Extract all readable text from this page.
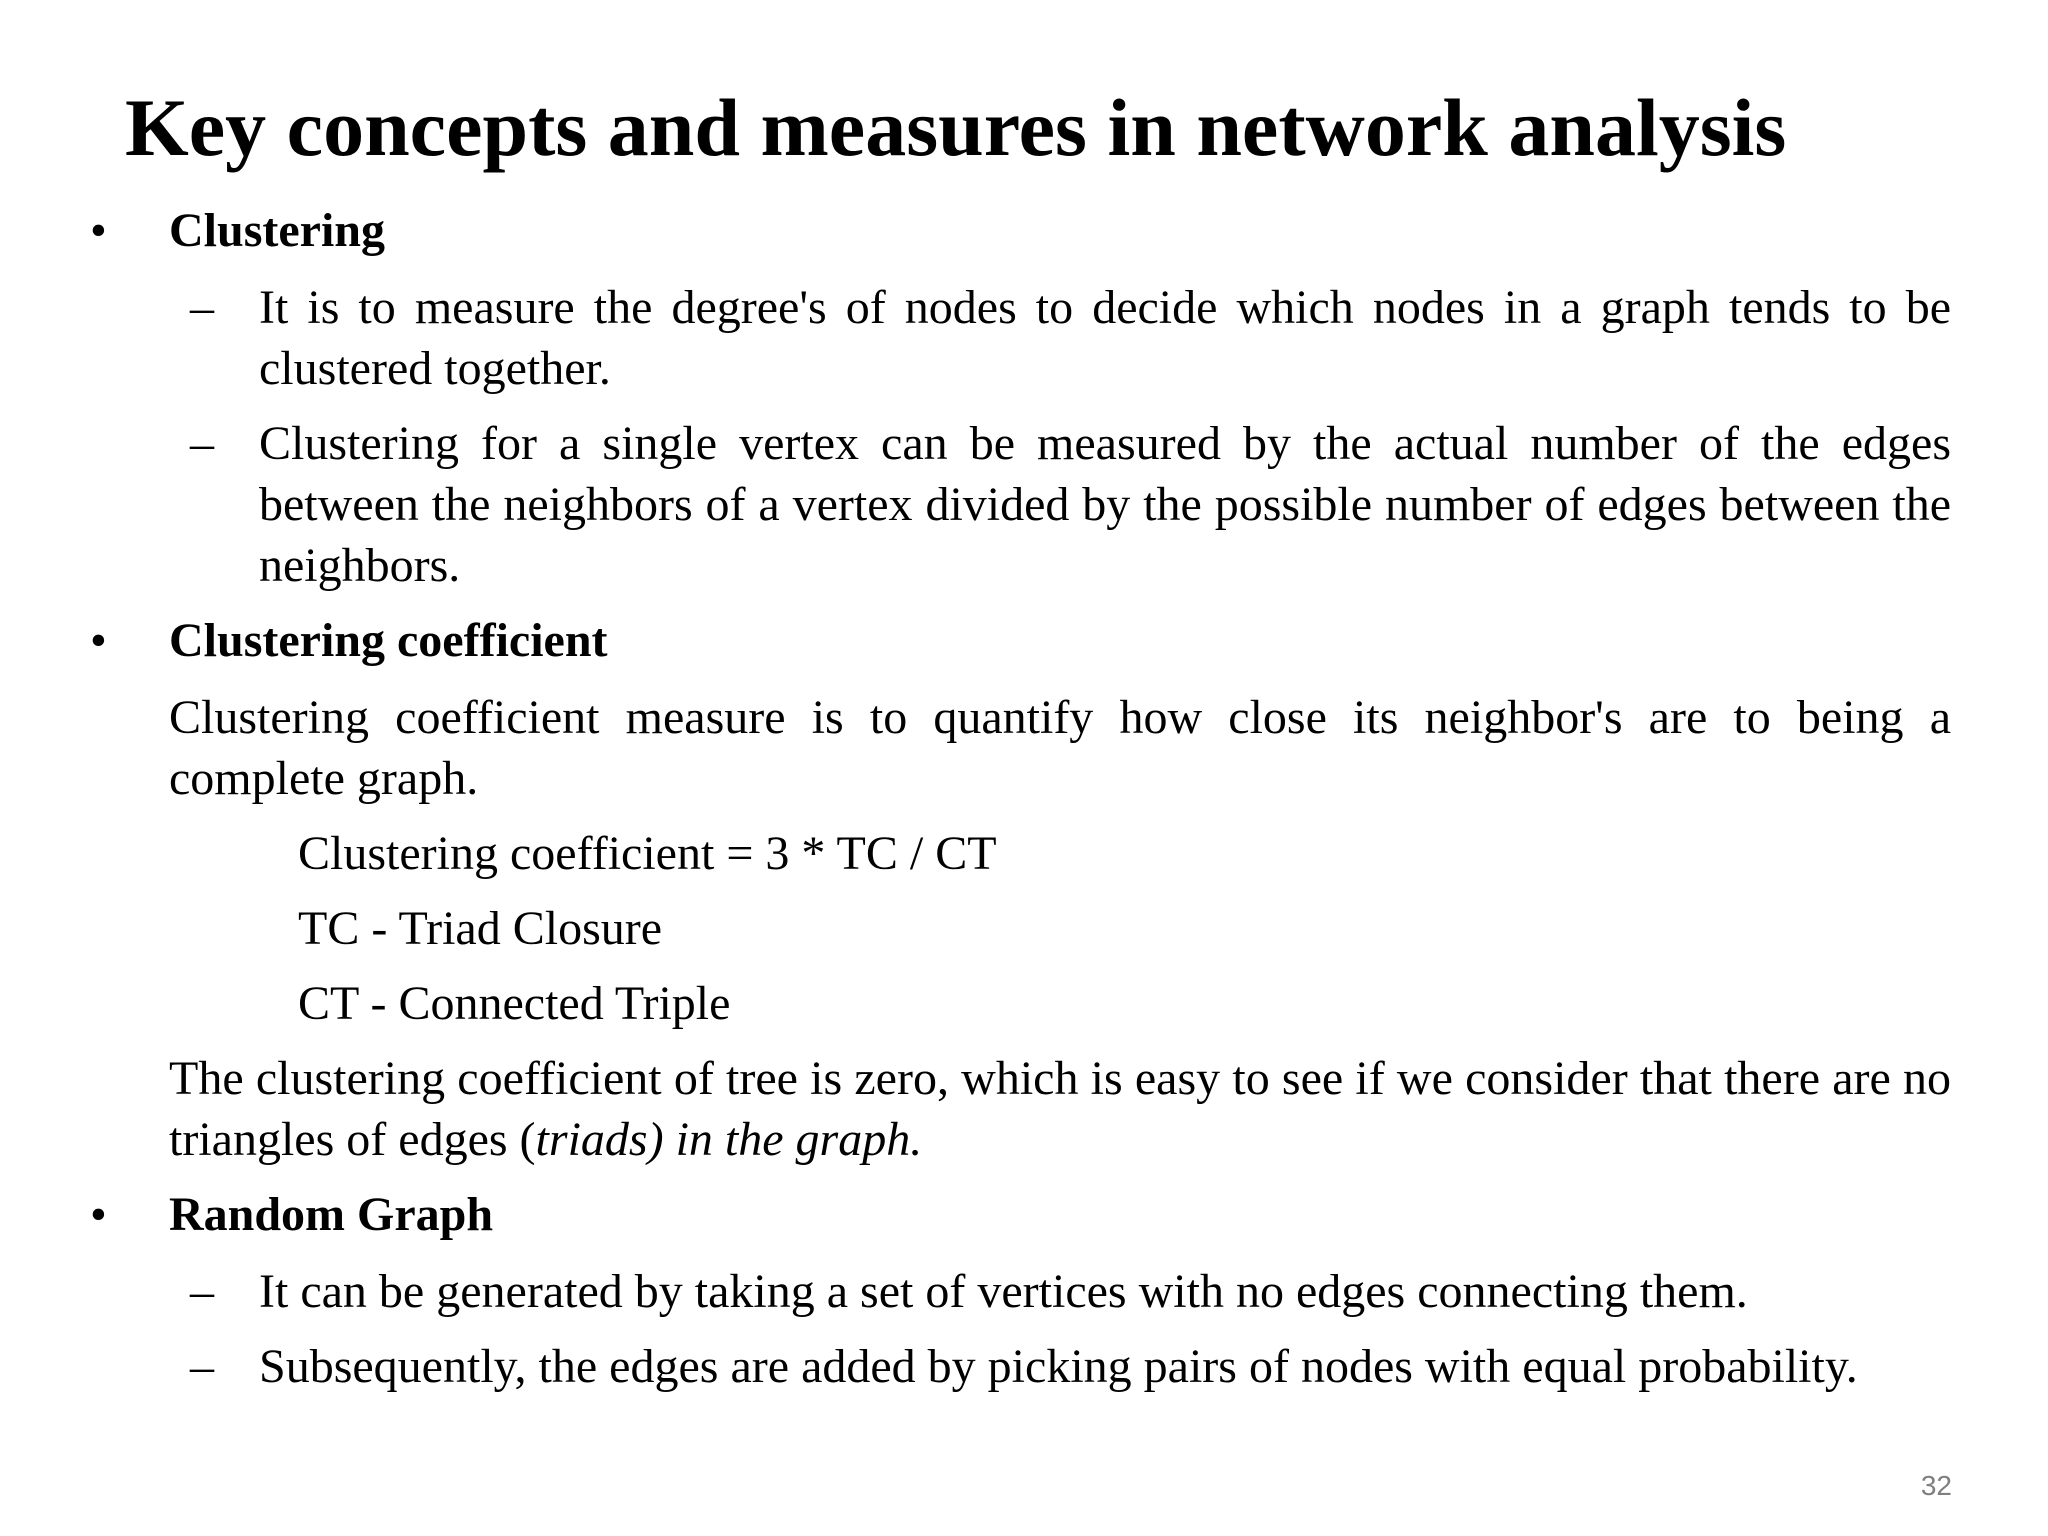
Key concepts and measures in network analysis
• Clustering
– It is to measure the degree's of nodes to decide which nodes in a graph tends to be clustered together.
– Clustering for a single vertex can be measured by the actual number of the edges between the neighbors of a vertex divided by the possible number of edges between the neighbors.
• Clustering coefficient
Clustering coefficient measure is to quantify how close its neighbor's are to being a complete graph.
Clustering coefficient = 3 * TC / CT
TC - Triad Closure
CT - Connected Triple
The clustering coefficient of tree is zero, which is easy to see if we consider that there are no triangles of edges (triads) in the graph.
• Random Graph
– It can be generated by taking a set of vertices with no edges connecting them.
– Subsequently, the edges are added by picking pairs of nodes with equal probability.
32
